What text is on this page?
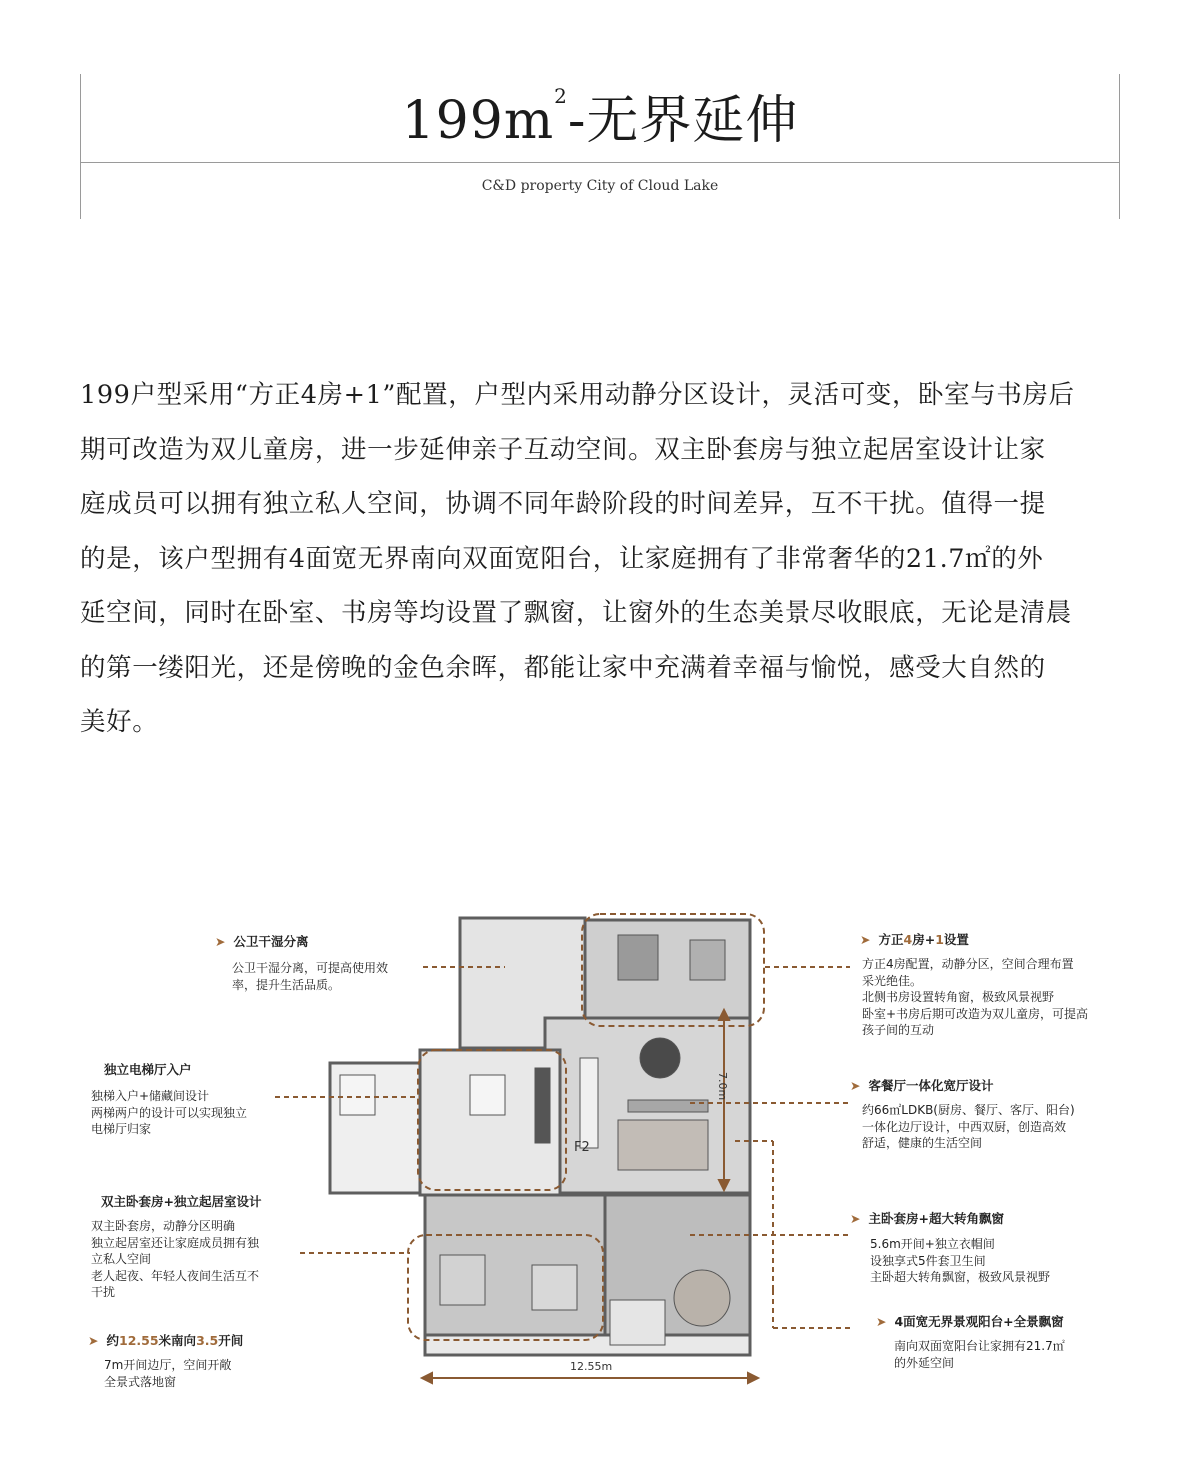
$199m^2-$无界延伸
C&D property City of Cloud Lake
199户型采用“方正4房+1”配置，户型内采用动静分区设计，灵活可变，卧室与书房后
期可改造为双儿童房，进一步延伸亲子互动空间。双主卧套房与独立起居室设计让家
庭成员可以拥有独立私人空间，协调不同年龄阶段的时间差异，互不干扰。值得一提
的是，该户型拥有4面宽无界南向双面宽阳台，让家庭拥有了非常奢华的21.7㎡的外
延空间，同时在卧室、书房等均设置了飘窗，让窗外的生态美景尽收眼底，无论是清晨
的第一缕阳光，还是傍晚的金色余晖，都能让家中充满着幸福与愉悦，感受大自然的
美好。
7.0m
12.55m
F2
➤ 公卫干湿分离
公卫干湿分离，可提高使用效
率，提升生活品质。
独立电梯厅入户
独梯入户+储藏间设计
两梯两户的设计可以实现独立
电梯厅归家
双主卧套房+独立起居室设计
双主卧套房，动静分区明确
独立起居室还让家庭成员拥有独
立私人空间
老人起夜、年轻人夜间生活互不
干扰
➤ 约12.55米南向3.5开间
7m开间边厅，空间开敞
全景式落地窗
➤ 方正4房+1设置
方正4房配置，动静分区，空间合理布置
采光绝佳。
北侧书房设置转角窗，极致风景视野
卧室+书房后期可改造为双儿童房，可提高
孩子间的互动
➤ 客餐厅一体化宽厅设计
约66㎡LDKB(厨房、餐厅、客厅、阳台)
一体化边厅设计，中西双厨，创造高效
舒适，健康的生活空间
➤ 主卧套房+超大转角飘窗
5.6m开间+独立衣帽间
设独享式5件套卫生间
主卧超大转角飘窗，极致风景视野
➤ 4面宽无界景观阳台+全景飘窗
南向双面宽阳台让家拥有21.7㎡
的外延空间
